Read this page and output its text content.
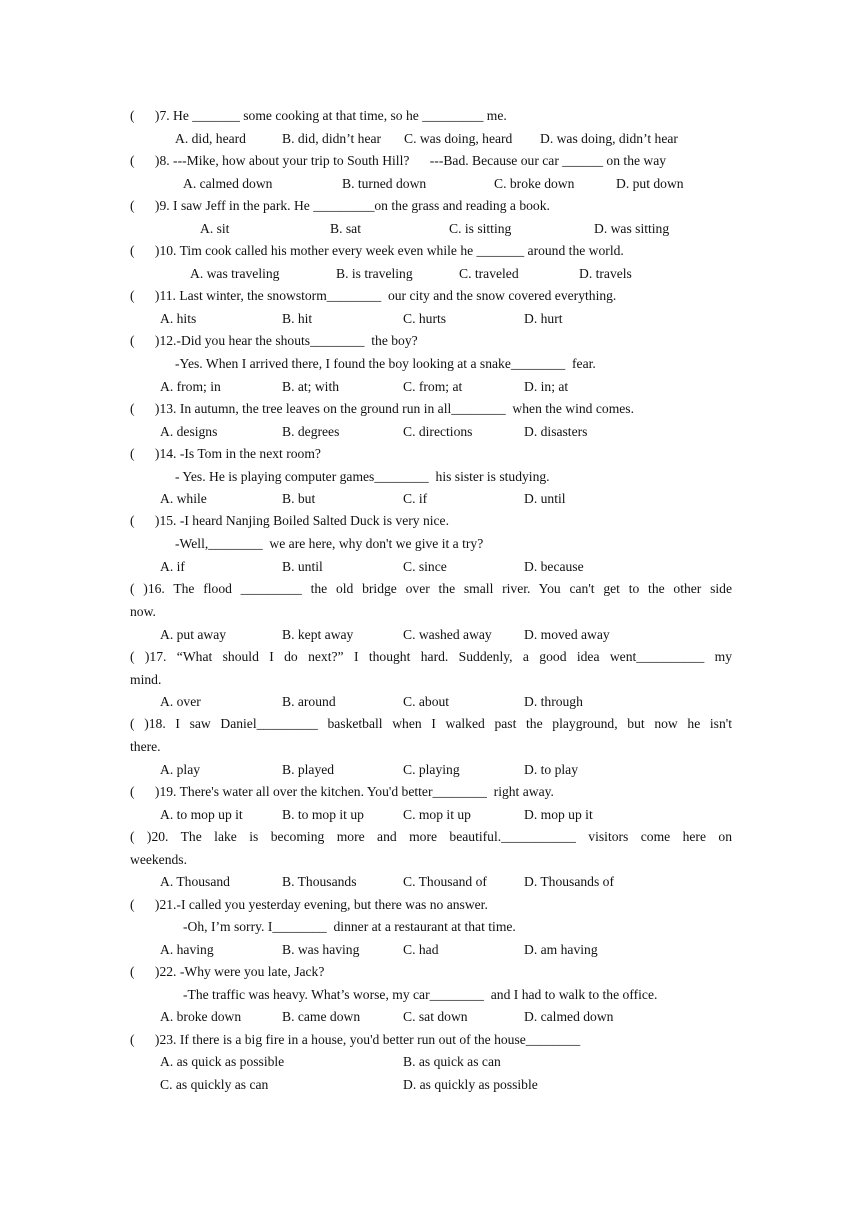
(      )7. He _______ some cooking at that time, so he _________ me.
A. did, heard	B. did, didn’t hear C. was doing, heard D. was doing, didn’t hear
(      )8. ---Mike, how about your trip to South Hill?      ---Bad. Because our car ______ on the way
A. calmed down	B. turned down	C. broke down	D. put down
(      )9. I saw Jeff in the park. He _________on the grass and reading a book.
A. sit	B. sat	C. is sitting	D. was sitting
(      )10. Tim cook called his mother every week even while he _______ around the world.
A. was traveling	B. is traveling	C. traveled	D. travels
(      )11. Last winter, the snowstorm________  our city and the snow covered everything.
A. hits	B. hit	C. hurts	D. hurt
(      )12.-Did you hear the shouts________  the boy?
-Yes. When I arrived there, I found the boy looking at a snake________  fear.
A. from; in	B. at; with	C. from; at	D. in; at
(      )13. In autumn, the tree leaves on the ground run in all________  when the wind comes.
A. designs	B. degrees	C. directions	D. disasters
(      )14. -Is Tom in the next room?
- Yes. He is playing computer games________  his sister is studying.
A. while	B. but	C. if	D. until
(      )15. -I heard Nanjing Boiled Salted Duck is very nice.
-Well,________  we are here, why don't we give it a try?
A. if	B. until	C. since	D. because
( )16. The flood _________ the old bridge over the small river. You can't get to the other side
now.
A. put away	B. kept away	C. washed away D. moved away
( )17. “What should I do next?” I thought hard. Suddenly, a good idea went__________ my
mind.
A. over	B. around	C. about	D. through
( )18. I saw Daniel_________ basketball when I walked past the playground, but now he isn't
there.
A. play	B. played	C. playing	D. to play
(      )19. There's water all over the kitchen. You'd better________  right away.
A. to mop up it	B. to mop it up	C. mop it up	D. mop up it
( )20. The lake is becoming more and more beautiful.___________ visitors come here on
weekends.
A. Thousand	B. Thousands	C. Thousand of	D. Thousands of
(      )21.-I called you yesterday evening, but there was no answer.
-Oh, I’m sorry. I________  dinner at a restaurant at that time.
A. having	B. was having	C. had	D. am having
(      )22. -Why were you late, Jack?
-The traffic was heavy. What’s worse, my car________  and I had to walk to the office.
A. broke down	B. came down	C. sat down	D. calmed down
(      )23. If there is a big fire in a house, you'd better run out of the house________
A. as quick as possible	B. as quick as can
C. as quickly as can	D. as quickly as possible
